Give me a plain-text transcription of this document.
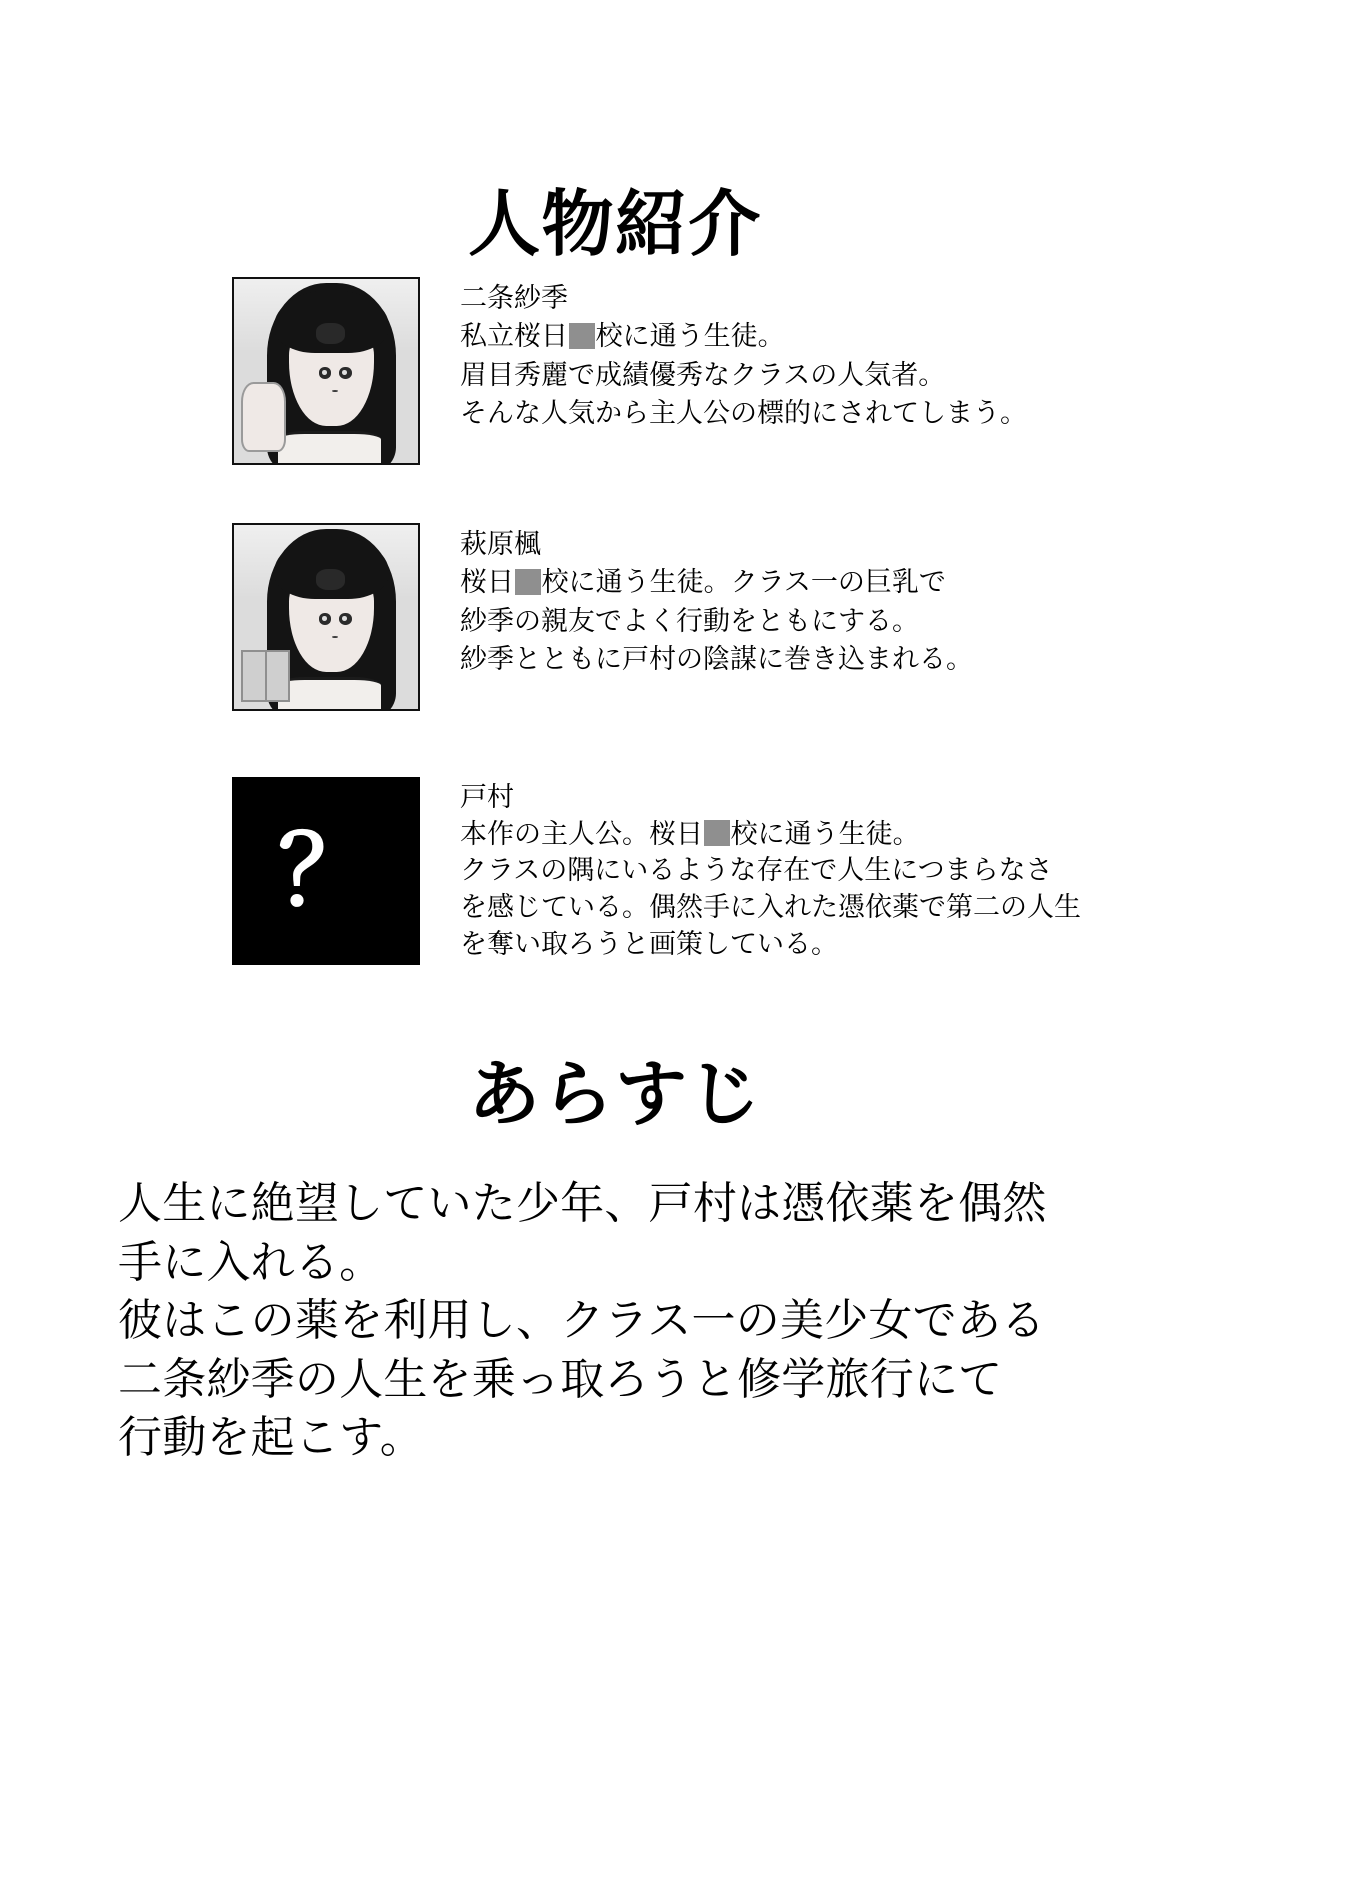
人物紹介
二条紗季
私立桜日 校に通う生徒。
眉目秀麗で成績優秀なクラスの人気者。
そんな人気から主人公の標的にされてしまう。
萩原楓
桜日 校に通う生徒。クラス一の巨乳で
紗季の親友でよく行動をともにする。
紗季とともに戸村の陰謀に巻き込まれる。
？
戸村
本作の主人公。桜日 校に通う生徒。
クラスの隅にいるような存在で人生につまらなさ
を感じている。偶然手に入れた憑依薬で第二の人生
を奪い取ろうと画策している。
あらすじ
人生に絶望していた少年、戸村は憑依薬を偶然
手に入れる。
彼はこの薬を利用し、クラス一の美少女である
二条紗季の人生を乗っ取ろうと修学旅行にて
行動を起こす。
